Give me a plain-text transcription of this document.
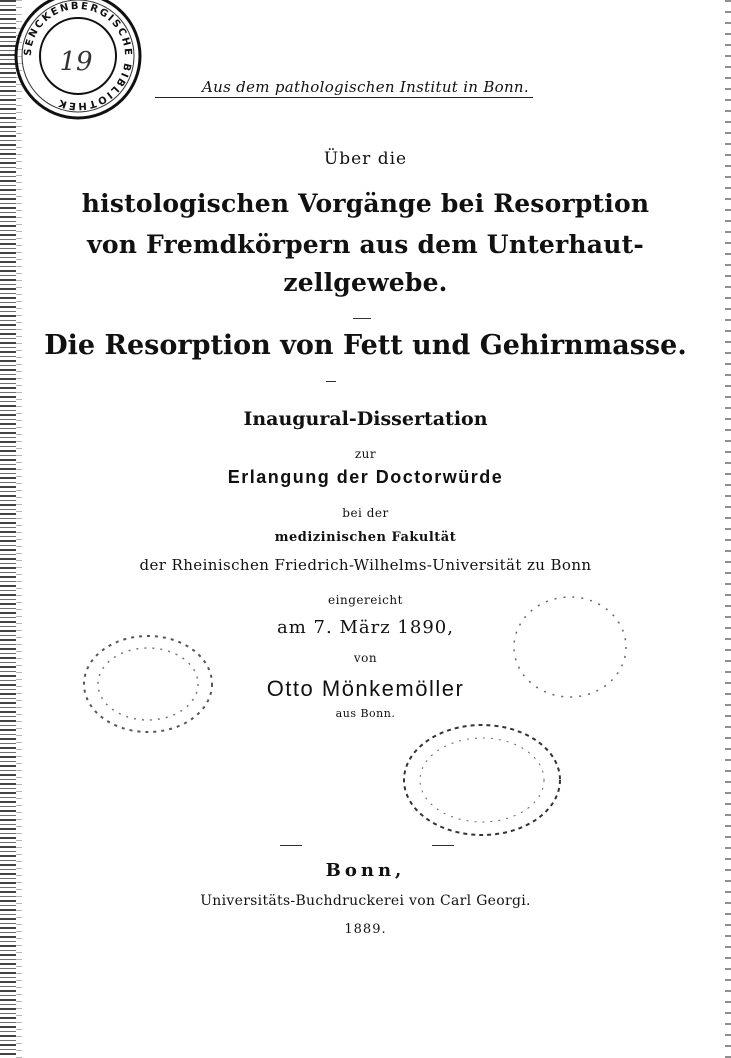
SENCKENBERGISCHE BIBLIOTHEK
19
Aus dem pathologischen Institut in Bonn.
Über die
histologischen Vorgänge bei Resorption
von Fremdkörpern aus dem Unterhaut-
zellgewebe.
Die Resorption von Fett und Gehirnmasse.
Inaugural-Dissertation
zur
Erlangung der Doctorwürde
bei der
medizinischen Fakultät
der Rheinischen Friedrich-Wilhelms-Universität zu Bonn
eingereicht
am 7. März 1890,
von
Otto Mönkemöller
aus Bonn.
Bonn,
Universitäts-Buchdruckerei von Carl Georgi.
1889.
